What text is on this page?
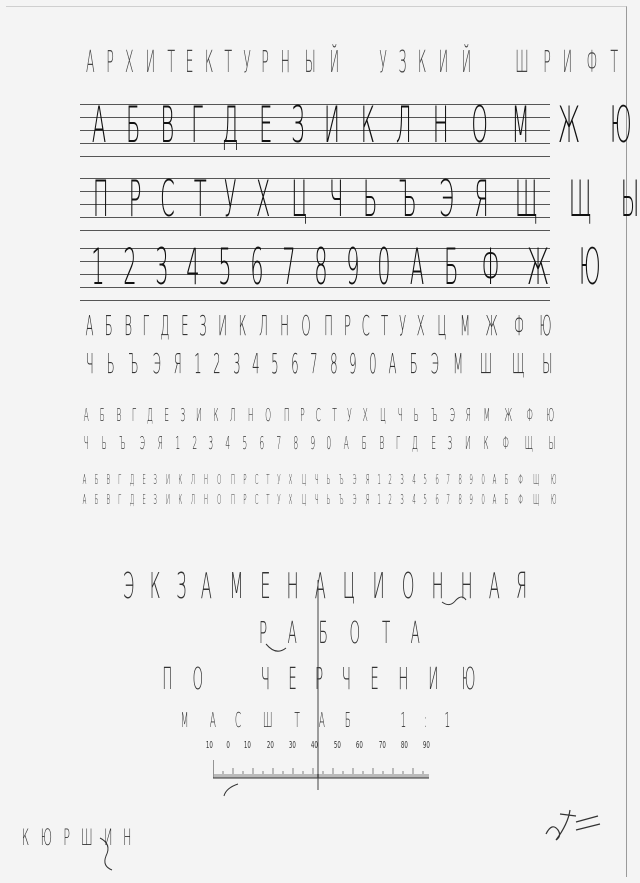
А Р Х И Т Е К Т У Р Н Ы Й
У З К И Й
Ш Р И Ф Т
А Б В Г Д Е З И К Л Н О М Ж Ю
П Р С Т У Х Ц Ч Ь Ъ Э Я Щ Щ Ы
1 2 3 4 5 6 7 8 9 0 А Б Ф Ж Ю
А Б В Г Д Е З И К Л Н О П Р С Т У Х Ц М Ж Ф Ю
Ч Ь Ъ Э Я 1 2 3 4 5 6 7 8 9 0 А Б Э М Ш Щ Ы
А Б В Г Д Е З И К Л Н О П Р С Т У Х Ц Ч Ь Ъ Э Я М Ж Ф Ю
Ч Ь Ъ Э Я 1 2 3 4 5 6 7 8 9 0 А Б В Г Д Е З И К Ф Щ Ы
А Б В Г Д Е З И К Л Н О П Р С Т У Х Ц Ч Ь Ъ Э Я 1 2 3 4 5 6 7 8 9 0 А Б Ф Щ Ю
А Б В Г Д Е З И К Л Н О П Р С Т У Х Ц Ч Ь Ъ Э Я 1 2 3 4 5 6 7 8 9 0 А Б Ф Щ Ю
Э К З А М Е Н А Ц И О Н Н А Я
Р А Б О Т А
П О
Ч Е Р Ч Е Н И Ю
М А С Ш Т А Б
	1 : 1
10 0 10 20 30 40 50 60 70 80 90
К Ю Р Ш И Н
